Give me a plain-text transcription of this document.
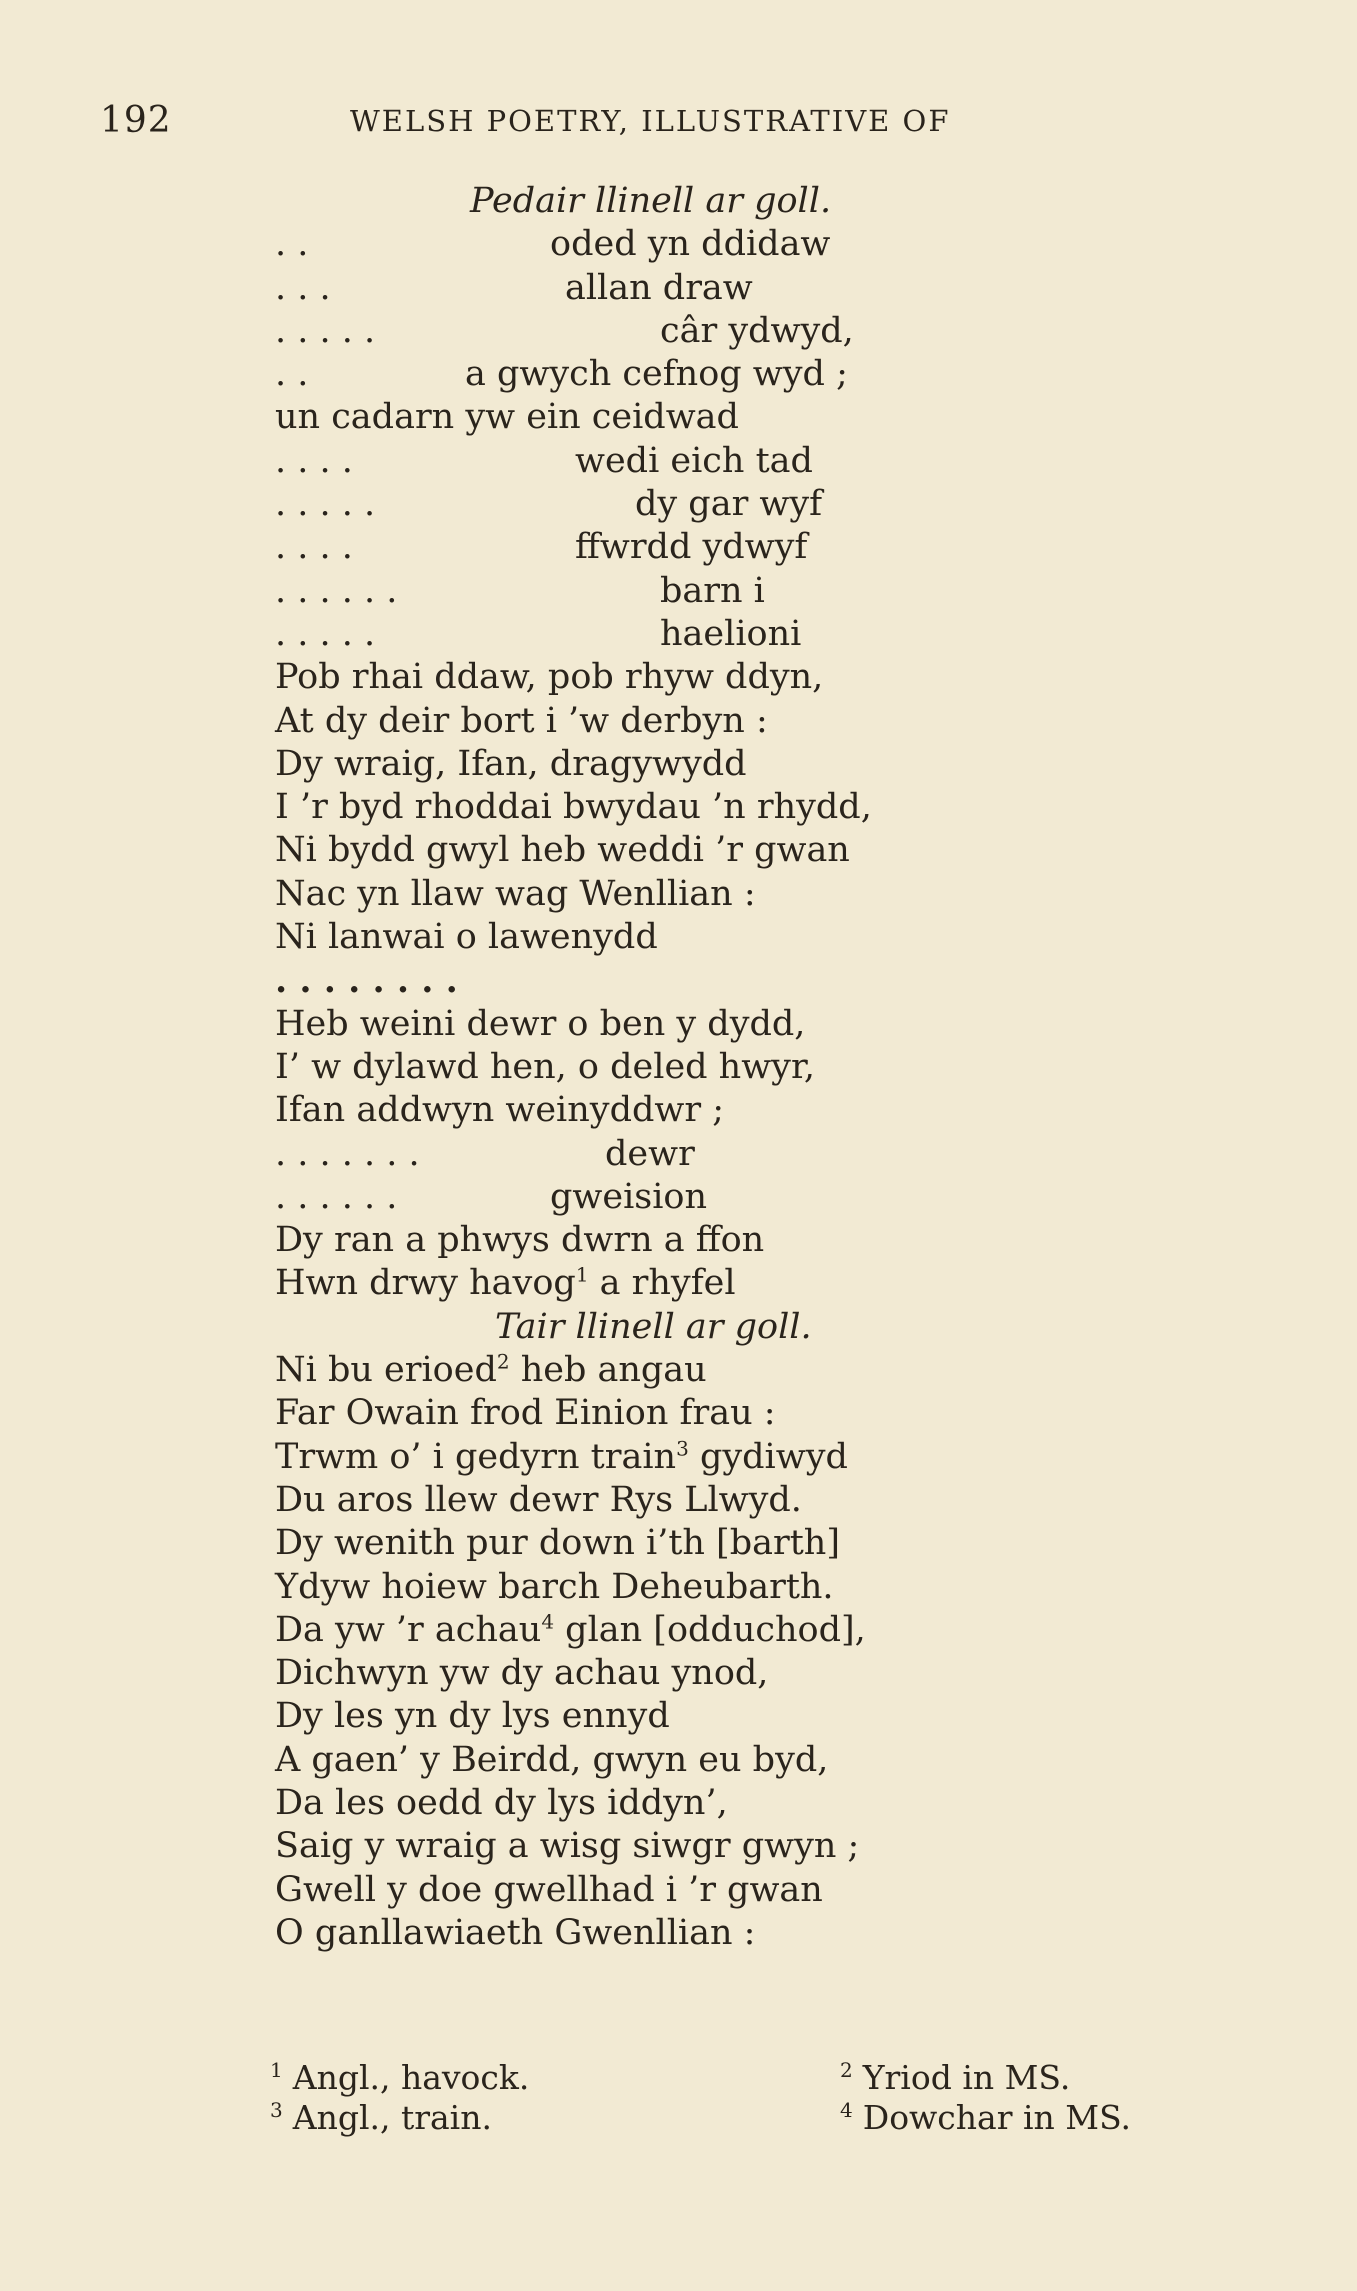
192	WELSH POETRY, ILLUSTRATIVE OF
Pedair llinell ar goll.
. .	oded yn ddidaw
. . .	allan draw
. . . . .	câr ydwyd,
. .	a gwych cefnog wyd ;
un cadarn yw ein ceidwad
. . . .	wedi eich tad
. . . . .	dy gar wyf
. . . .	ffwrdd ydwyf
. . . . . .	barn i
. . . . .	haelioni
Pob rhai ddaw, pob rhyw ddyn,
At dy deir bort i ’w derbyn :
Dy wraig, Ifan, dragywydd
I ’r byd rhoddai bwydau ’n rhydd,
Ni bydd gwyl heb weddi ’r gwan
Nac yn llaw wag Wenllian :
Ni lanwai o lawenydd
. . . . . . . .
Heb weini dewr o ben y dydd,
I’ w dylawd hen, o deled hwyr,
Ifan addwyn weinyddwr ;
. . . . . . .	dewr
. . . . . .	gweision
Dy ran a phwys dwrn a ffon
Hwn drwy havog$^1$ a rhyfel
Tair llinell ar goll.
Ni bu erioed$^2$ heb angau
Far Owain frod Einion frau :
Trwm o’ i gedyrn train$^3$ gydiwyd
Du aros llew dewr Rys Llwyd.
Dy wenith pur down i’th [barth]
Ydyw hoiew barch Deheubarth.
Da yw ’r achau$^4$ glan [odduchod],
Dichwyn yw dy achau ynod,
Dy les yn dy lys ennyd
A gaen’ y Beirdd, gwyn eu byd,
Da les oedd dy lys iddyn’,
Saig y wraig a wisg siwgr gwyn ;
Gwell y doe gwellhad i ’r gwan
O ganllawiaeth Gwenllian :
$^1$ Angl., havock.	$^2$ Yriod in MS.
$^3$ Angl., train.	$^4$ Dowchar in MS.
